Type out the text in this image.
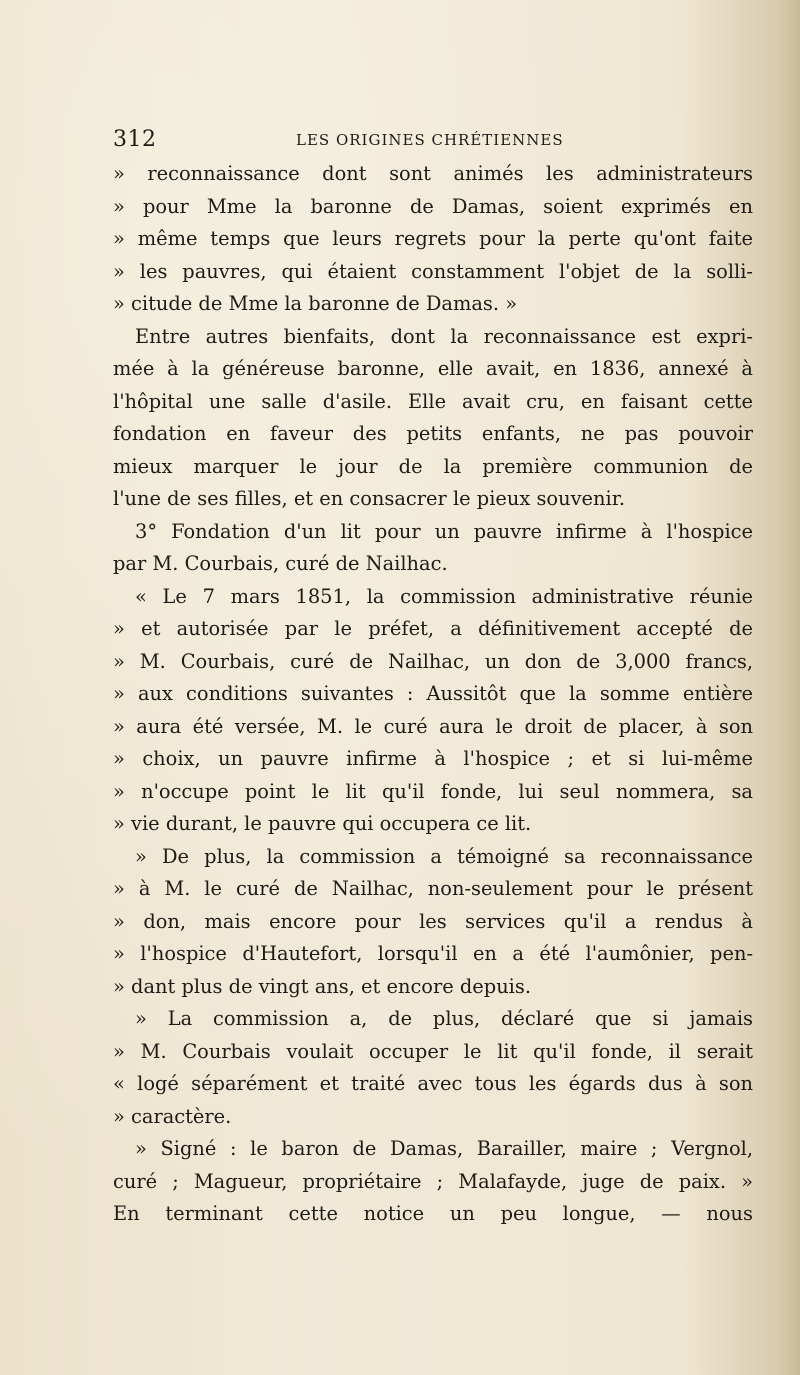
312	LES ORIGINES CHRÉTIENNES
» reconnaissance dont sont animés les administrateurs
» pour Mme la baronne de Damas, soient exprimés en
» même temps que leurs regrets pour la perte qu'ont faite
» les pauvres, qui étaient constamment l'objet de la solli-
» citude de Mme la baronne de Damas. »
Entre autres bienfaits, dont la reconnaissance est expri-
mée à la généreuse baronne, elle avait, en 1836, annexé à
l'hôpital une salle d'asile. Elle avait cru, en faisant cette
fondation en faveur des petits enfants, ne pas pouvoir
mieux marquer le jour de la première communion de
l'une de ses filles, et en consacrer le pieux souvenir.
3° Fondation d'un lit pour un pauvre infirme à l'hospice
par M. Courbais, curé de Nailhac.
« Le 7 mars 1851, la commission administrative réunie
» et autorisée par le préfet, a définitivement accepté de
» M. Courbais, curé de Nailhac, un don de 3,000 francs,
» aux conditions suivantes : Aussitôt que la somme entière
» aura été versée, M. le curé aura le droit de placer, à son
» choix, un pauvre infirme à l'hospice ; et si lui-même
» n'occupe point le lit qu'il fonde, lui seul nommera, sa
» vie durant, le pauvre qui occupera ce lit.
» De plus, la commission a témoigné sa reconnaissance
» à M. le curé de Nailhac, non-seulement pour le présent
» don, mais encore pour les services qu'il a rendus à
» l'hospice d'Hautefort, lorsqu'il en a été l'aumônier, pen-
» dant plus de vingt ans, et encore depuis.
» La commission a, de plus, déclaré que si jamais
» M. Courbais voulait occuper le lit qu'il fonde, il serait
« logé séparément et traité avec tous les égards dus à son
» caractère.
» Signé : le baron de Damas, Barailler, maire ; Vergnol,
curé ; Magueur, propriétaire ; Malafayde, juge de paix. »
En terminant cette notice un peu longue, — nous
